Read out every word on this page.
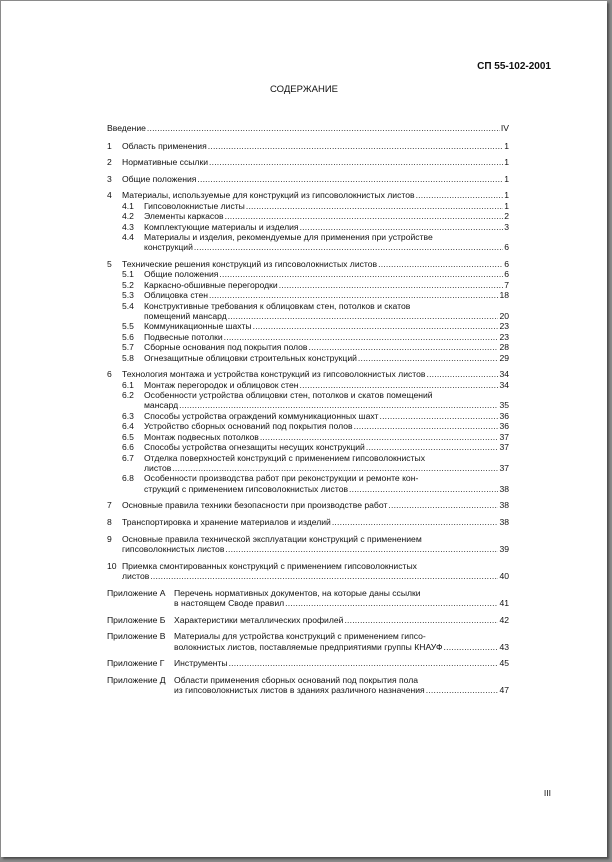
СП 55-102-2001
СОДЕРЖАНИЕ
Введение .....	IV
1	Область применения .....	1
2	Нормативные ссылки .....	1
3	Общие положения .....	1
4	Материалы, используемые для конструкций из гипсоволокнистых листов .....	1
4.1	Гипсоволокнистые листы .....	1
4.2	Элементы каркасов .....	2
4.3	Комплектующие материалы и изделия .....	3
4.4	Материалы и изделия, рекомендуемые для применения при устройстве
конструкций .....	6
5	Технические решения конструкций из гипсоволокнистых листов .....	6
5.1	Общие положения .....	6
5.2	Каркасно-обшивные перегородки .....	7
5.3	Облицовка стен .....	18
5.4	Конструктивные требования к облицовкам стен, потолков и скатов
помещений мансард .....	20
5.5	Коммуникационные шахты .....	23
5.6	Подвесные потолки .....	23
5.7	Сборные основания под покрытия полов .....	28
5.8	Огнезащитные облицовки строительных конструкций .....	29
6	Технология монтажа и устройства конструкций из гипсоволокнистых листов .....	34
6.1	Монтаж перегородок и облицовок стен .....	34
6.2	Особенности устройства облицовки стен, потолков и скатов помещений
мансард .....	35
6.3	Способы устройства ограждений коммуникационных шахт .....	36
6.4	Устройство сборных оснований под покрытия полов .....	36
6.5	Монтаж подвесных потолков .....	37
6.6	Способы устройства огнезащиты несущих конструкций .....	37
6.7	Отделка поверхностей конструкций с применением гипсоволокнистых
листов .....	37
6.8	Особенности производства работ при реконструкции и ремонте кон-
струкций с применением гипсоволокнистых листов .....	38
7	Основные правила техники безопасности при производстве работ .....	38
8	Транспортировка и хранение материалов и изделий .....	38
9	Основные правила технической эксплуатации конструкций с применением
гипсоволокнистых листов .....	39
10 Приемка смонтированных конструкций с применением гипсоволокнистых
листов .....	40
Приложение А Перечень нормативных документов, на которые даны ссылки
в настоящем Своде правил .....	41
Приложение Б Характеристики металлических профилей .....	42
Приложение В Материалы для устройства конструкций с применением гипсо-
волокнистых листов, поставляемые предприятиями группы КНАУФ .....	43
Приложение Г	Инструменты .....	45
Приложение Д Области применения сборных оснований под покрытия пола
из гипсоволокнистых листов в зданиях различного назначения .....	47
III
